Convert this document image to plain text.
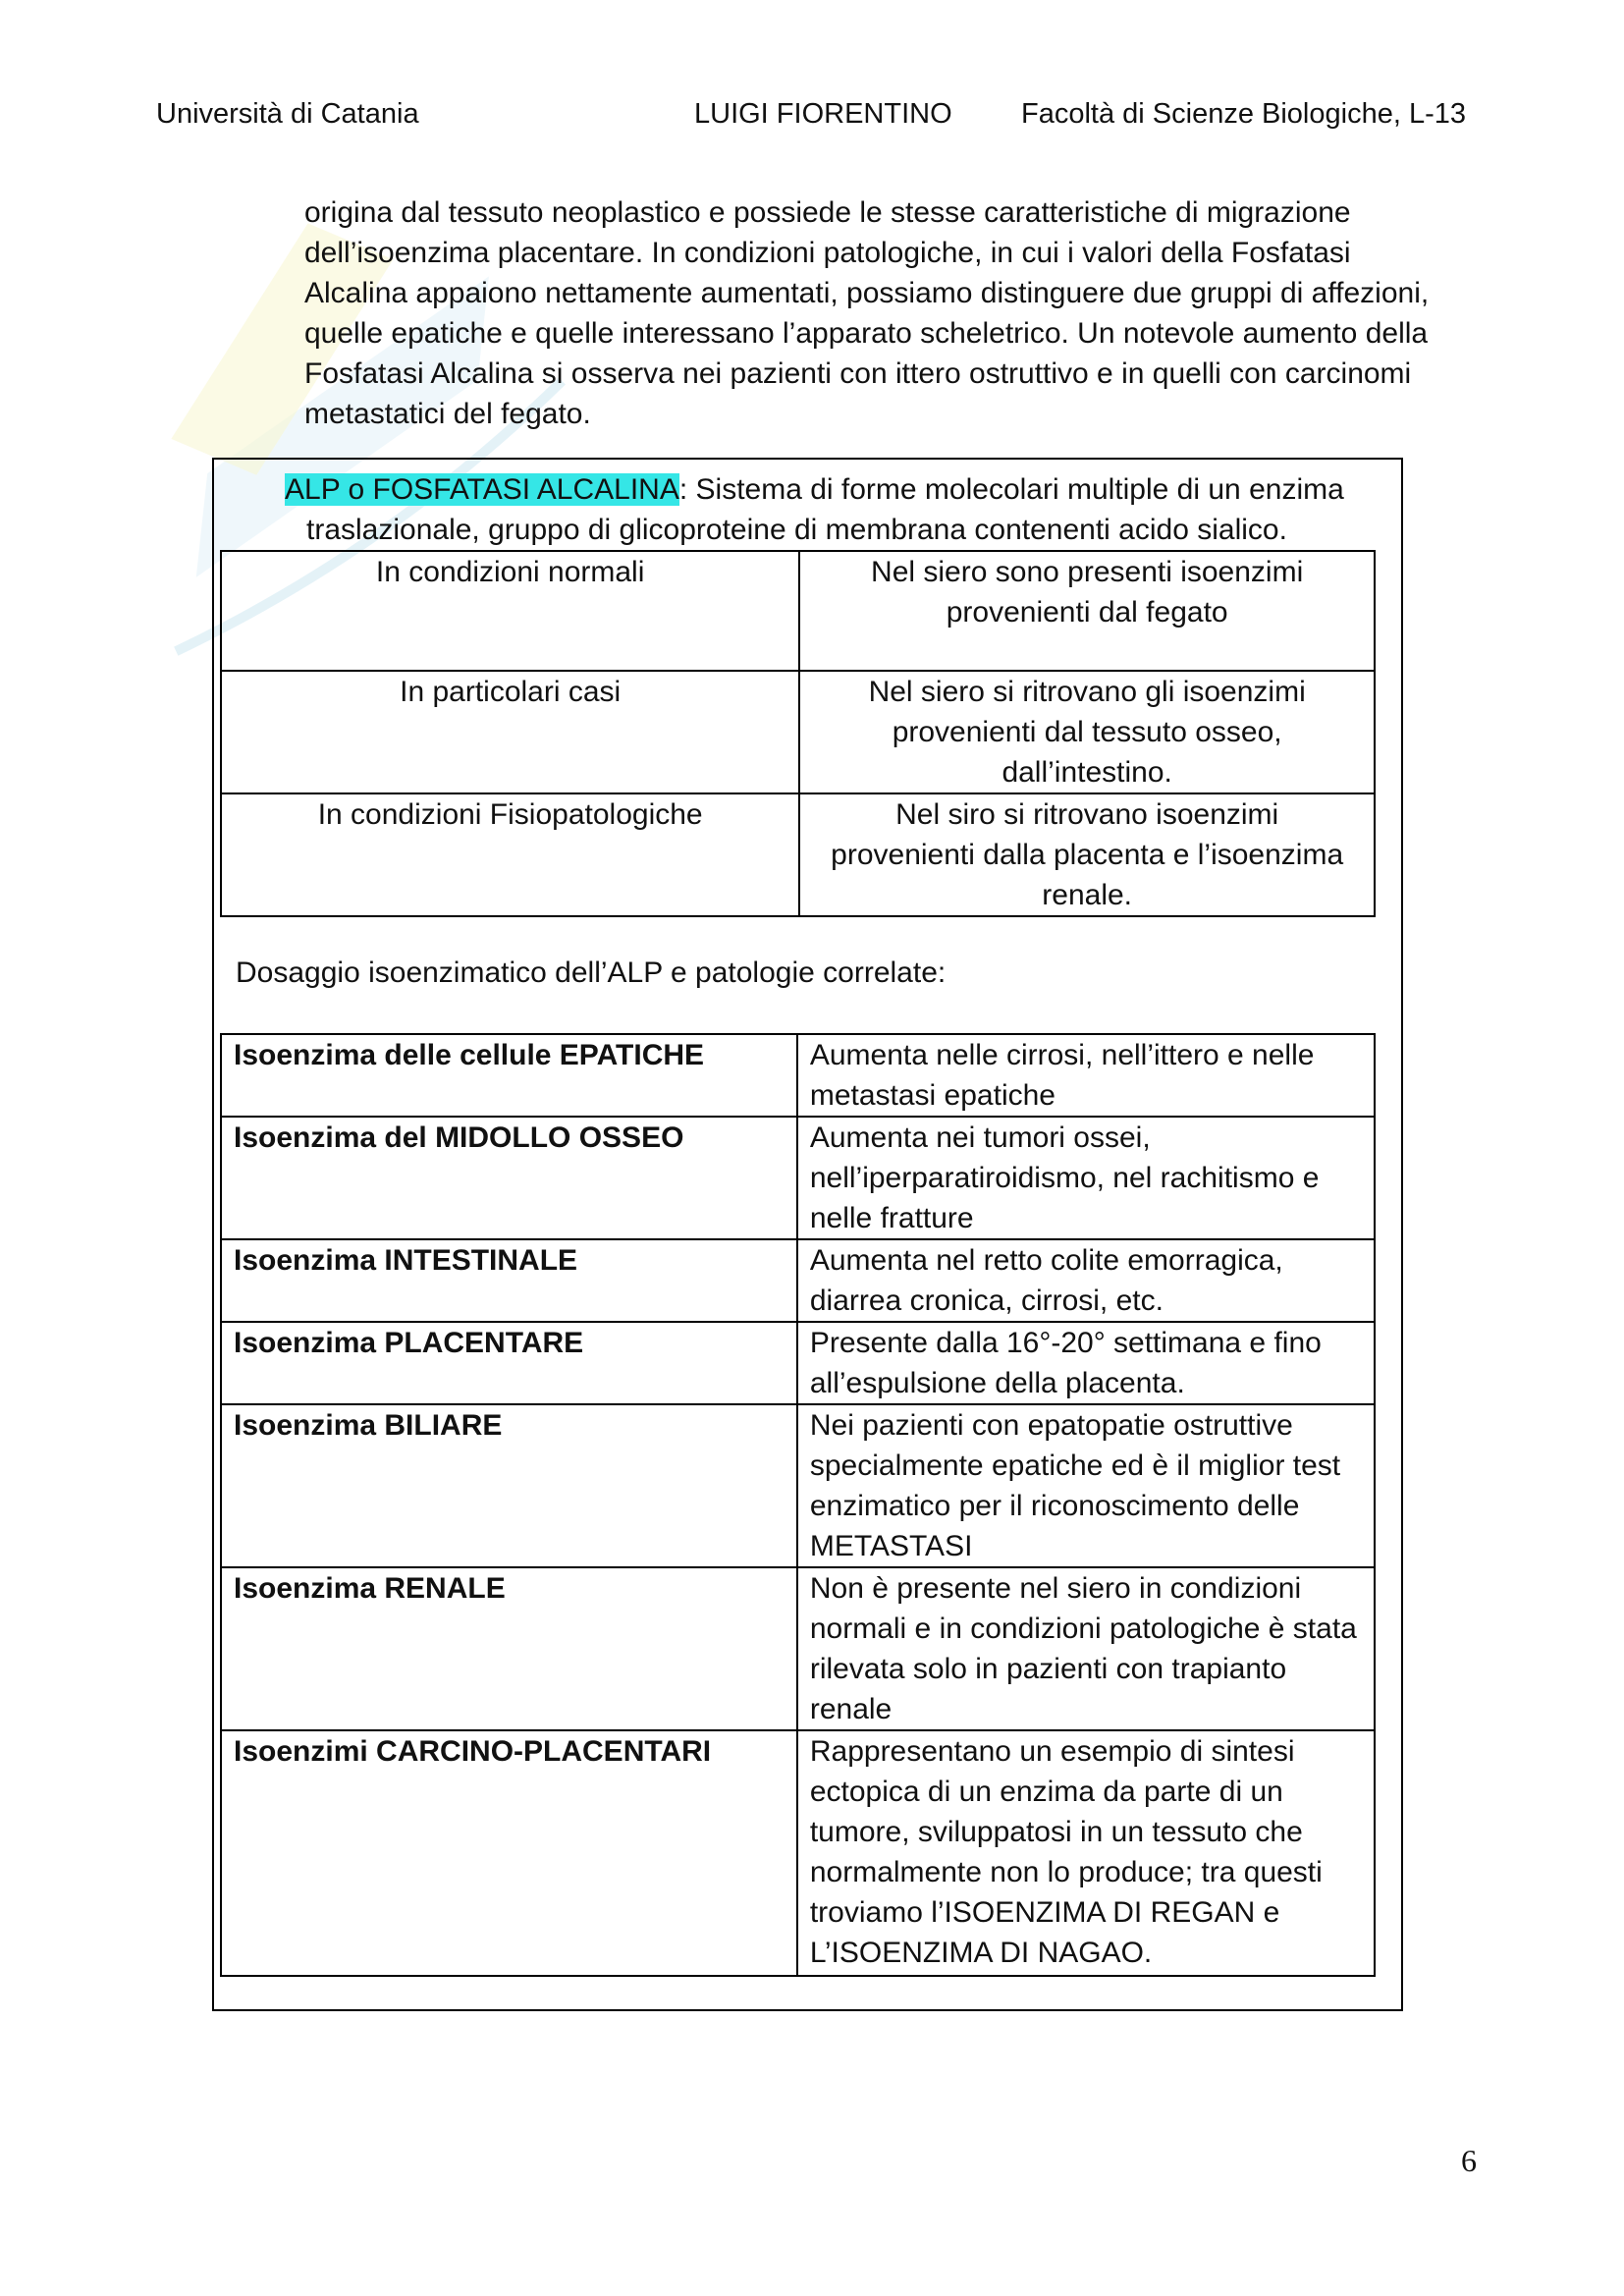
Università di Catania	LUIGI FIORENTINO Facoltà di Scienze Biologiche, L-13
origina dal tessuto neoplastico e possiede le stesse caratteristiche di migrazione
dell’isoenzima placentare. In condizioni patologiche, in cui i valori della Fosfatasi
Alcalina appaiono nettamente aumentati, possiamo distinguere due gruppi di affezioni,
quelle epatiche e quelle interessano l’apparato scheletrico. Un notevole aumento della
Fosfatasi Alcalina si osserva nei pazienti con ittero ostruttivo e in quelli con carcinomi
metastatici del fegato.
ALP o FOSFATASI ALCALINA: Sistema di forme molecolari multiple di un enzima
traslazionale, gruppo di glicoproteine di membrana contenenti acido sialico.
In condizioni normali	Nel siero sono presenti isoenzimi provenienti dal fegato
In particolari casi	Nel siero si ritrovano gli isoenzimi provenienti dal tessuto osseo, dall’intestino.
In condizioni Fisiopatologiche	Nel siro si ritrovano isoenzimi provenienti dalla placenta e l’isoenzima renale.
Dosaggio isoenzimatico dell’ALP e patologie correlate:
Isoenzima delle cellule EPATICHE	Aumenta nelle cirrosi, nell’ittero e nelle metastasi epatiche
Isoenzima del MIDOLLO OSSEO	Aumenta nei tumori ossei, nell’iperparatiroidismo, nel rachitismo e nelle fratture
Isoenzima INTESTINALE	Aumenta nel retto colite emorragica, diarrea cronica, cirrosi, etc.
Isoenzima PLACENTARE	Presente dalla 16°-20° settimana e fino all’espulsione della placenta.
Isoenzima BILIARE	Nei pazienti con epatopatie ostruttive specialmente epatiche ed è il miglior test enzimatico per il riconoscimento delle METASTASI
Isoenzima RENALE	Non è presente nel siero in condizioni normali e in condizioni patologiche è stata rilevata solo in pazienti con trapianto renale
Isoenzimi CARCINO-PLACENTARI	Rappresentano un esempio di sintesi ectopica di un enzima da parte di un tumore, sviluppatosi in un tessuto che normalmente non lo produce; tra questi troviamo l’ISOENZIMA DI REGAN e L’ISOENZIMA DI NAGAO.
6
